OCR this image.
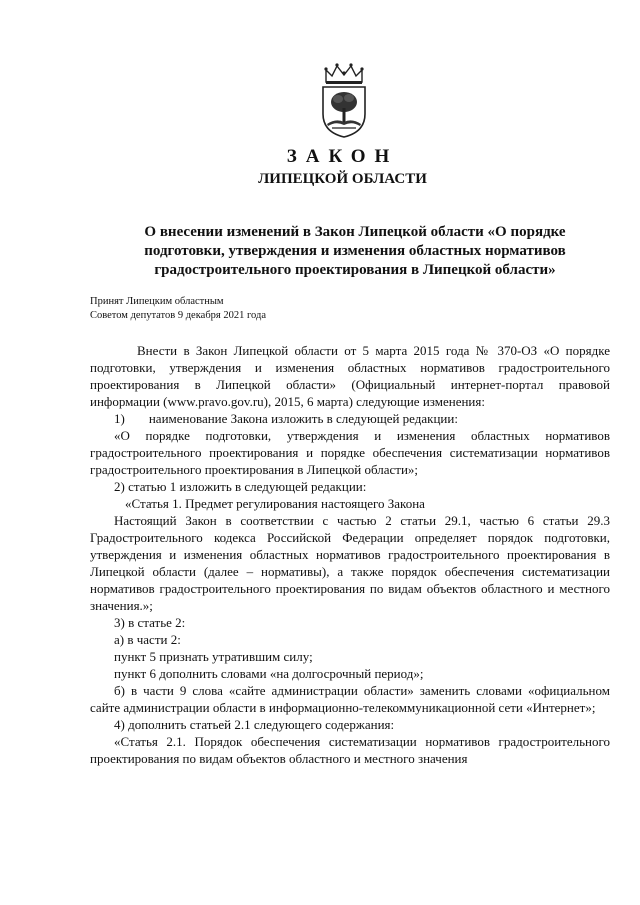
ЗАКОН
ЛИПЕЦКОЙ ОБЛАСТИ
О внесении изменений в Закон Липецкой области «О порядке
подготовки, утверждения и изменения областных нормативов
градостроительного проектирования в Липецкой области»
Принят Липецким областным
Советом депутатов 9 декабря 2021 года

Внести в Закон Липецкой области от 5 марта 2015 года № 370-ОЗ «О порядке подготовки, утверждения и изменения областных нормативов градостроительного проектирования в Липецкой области» (Официальный интернет-портал правовой информации (www.pravo.gov.ru), 2015, 6 марта) следующие изменения:

1) наименование Закона изложить в следующей редакции:

«О порядке подготовки, утверждения и изменения областных нормативов градостроительного проектирования и порядке обеспечения систематизации нормативов градостроительного проектирования в Липецкой области»;

2) статью 1 изложить в следующей редакции:

«Статья 1. Предмет регулирования настоящего Закона

Настоящий Закон в соответствии с частью 2 статьи 29.1, частью 6 статьи 29.3 Градостроительного кодекса Российской Федерации определяет порядок подготовки, утверждения и изменения областных нормативов градостроительного проектирования в Липецкой области (далее – нормативы), а также порядок обеспечения систематизации нормативов градостроительного проектирования по видам объектов областного и местного значения.»;

3) в статье 2:

а) в части 2:

пункт 5 признать утратившим силу;

пункт 6 дополнить словами «на долгосрочный период»;

б) в части 9 слова «сайте администрации области» заменить словами «официальном сайте администрации области в информационно-телекоммуникационной сети «Интернет»;

4) дополнить статьей 2.1 следующего содержания:

«Статья 2.1. Порядок обеспечения систематизации нормативов градостроительного проектирования по видам объектов областного и местного значения
